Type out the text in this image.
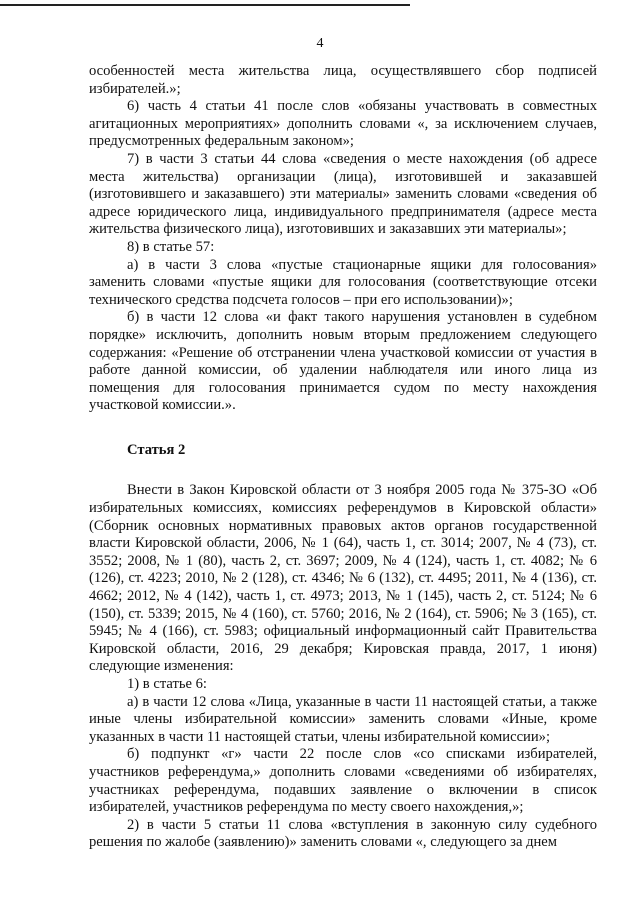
4

особенностей места жительства лица, осуществлявшего сбор подписей избирателей.»;

6) часть 4 статьи 41 после слов «обязаны участвовать в совместных агитационных мероприятиях» дополнить словами «, за исключением случаев, предусмотренных федеральным законом»;

7) в части 3 статьи 44 слова «сведения о месте нахождения (об адресе места жительства) организации (лица), изготовившей и заказавшей (изготовившего и заказавшего) эти материалы» заменить словами «сведения об адресе юридического лица, индивидуального предпринимателя (адресе места жительства физического лица), изготовивших и заказавших эти материалы»;

8) в статье 57:

а) в части 3 слова «пустые стационарные ящики для голосования» заменить словами «пустые ящики для голосования (соответствующие отсеки технического средства подсчета голосов – при его использовании)»;

б) в части 12 слова «и факт такого нарушения установлен в судебном порядке» исключить, дополнить новым вторым предложением следующего содержания: «Решение об отстранении члена участковой комиссии от участия в работе данной комиссии, об удалении наблюдателя или иного лица из помещения для голосования принимается судом по месту нахождения участковой комиссии.».

Статья 2

Внести в Закон Кировской области от 3 ноября 2005 года № 375-ЗО «Об избирательных комиссиях, комиссиях референдумов в Кировской области» (Сборник основных нормативных правовых актов органов государственной власти Кировской области, 2006, № 1 (64), часть 1, ст. 3014; 2007, № 4 (73), ст. 3552; 2008, № 1 (80), часть 2, ст. 3697; 2009, № 4 (124), часть 1, ст. 4082; № 6 (126), ст. 4223; 2010, № 2 (128), ст. 4346; № 6 (132), ст. 4495; 2011, № 4 (136), ст. 4662; 2012, № 4 (142), часть 1, ст. 4973; 2013, № 1 (145), часть 2, ст. 5124; № 6 (150), ст. 5339; 2015, № 4 (160), ст. 5760; 2016, № 2 (164), ст. 5906; № 3 (165), ст. 5945; № 4 (166), ст. 5983; официальный информационный сайт Правительства Кировской области, 2016, 29 декабря; Кировская правда, 2017, 1 июня) следующие изменения:

1) в статье 6:

а) в части 12 слова «Лица, указанные в части 11 настоящей статьи, а также иные члены избирательной комиссии» заменить словами «Иные, кроме указанных в части 11 настоящей статьи, члены избирательной комиссии»;

б) подпункт «г» части 22 после слов «со списками избирателей, участников референдума,» дополнить словами «сведениями об избирателях, участниках референдума, подавших заявление о включении в список избирателей, участников референдума по месту своего нахождения,»;

2) в части 5 статьи 11 слова «вступления в законную силу судебного решения по жалобе (заявлению)» заменить словами «, следующего за днем
